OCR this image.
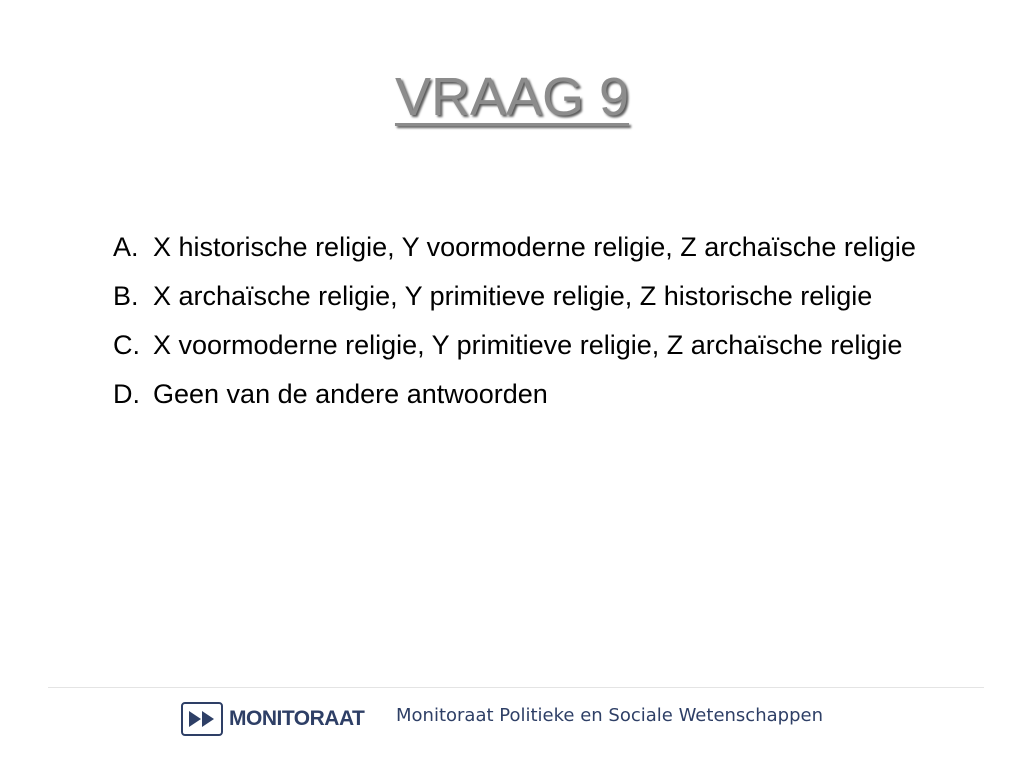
VRAAG 9
A. X historische religie, Y voormoderne religie, Z archaïsche religie
B. X archaïsche religie, Y primitieve religie, Z historische religie
C. X voormoderne religie, Y primitieve religie, Z archaïsche religie
D. Geen van de andere antwoorden
MONITORAAT Monitoraat Politieke en Sociale Wetenschappen
